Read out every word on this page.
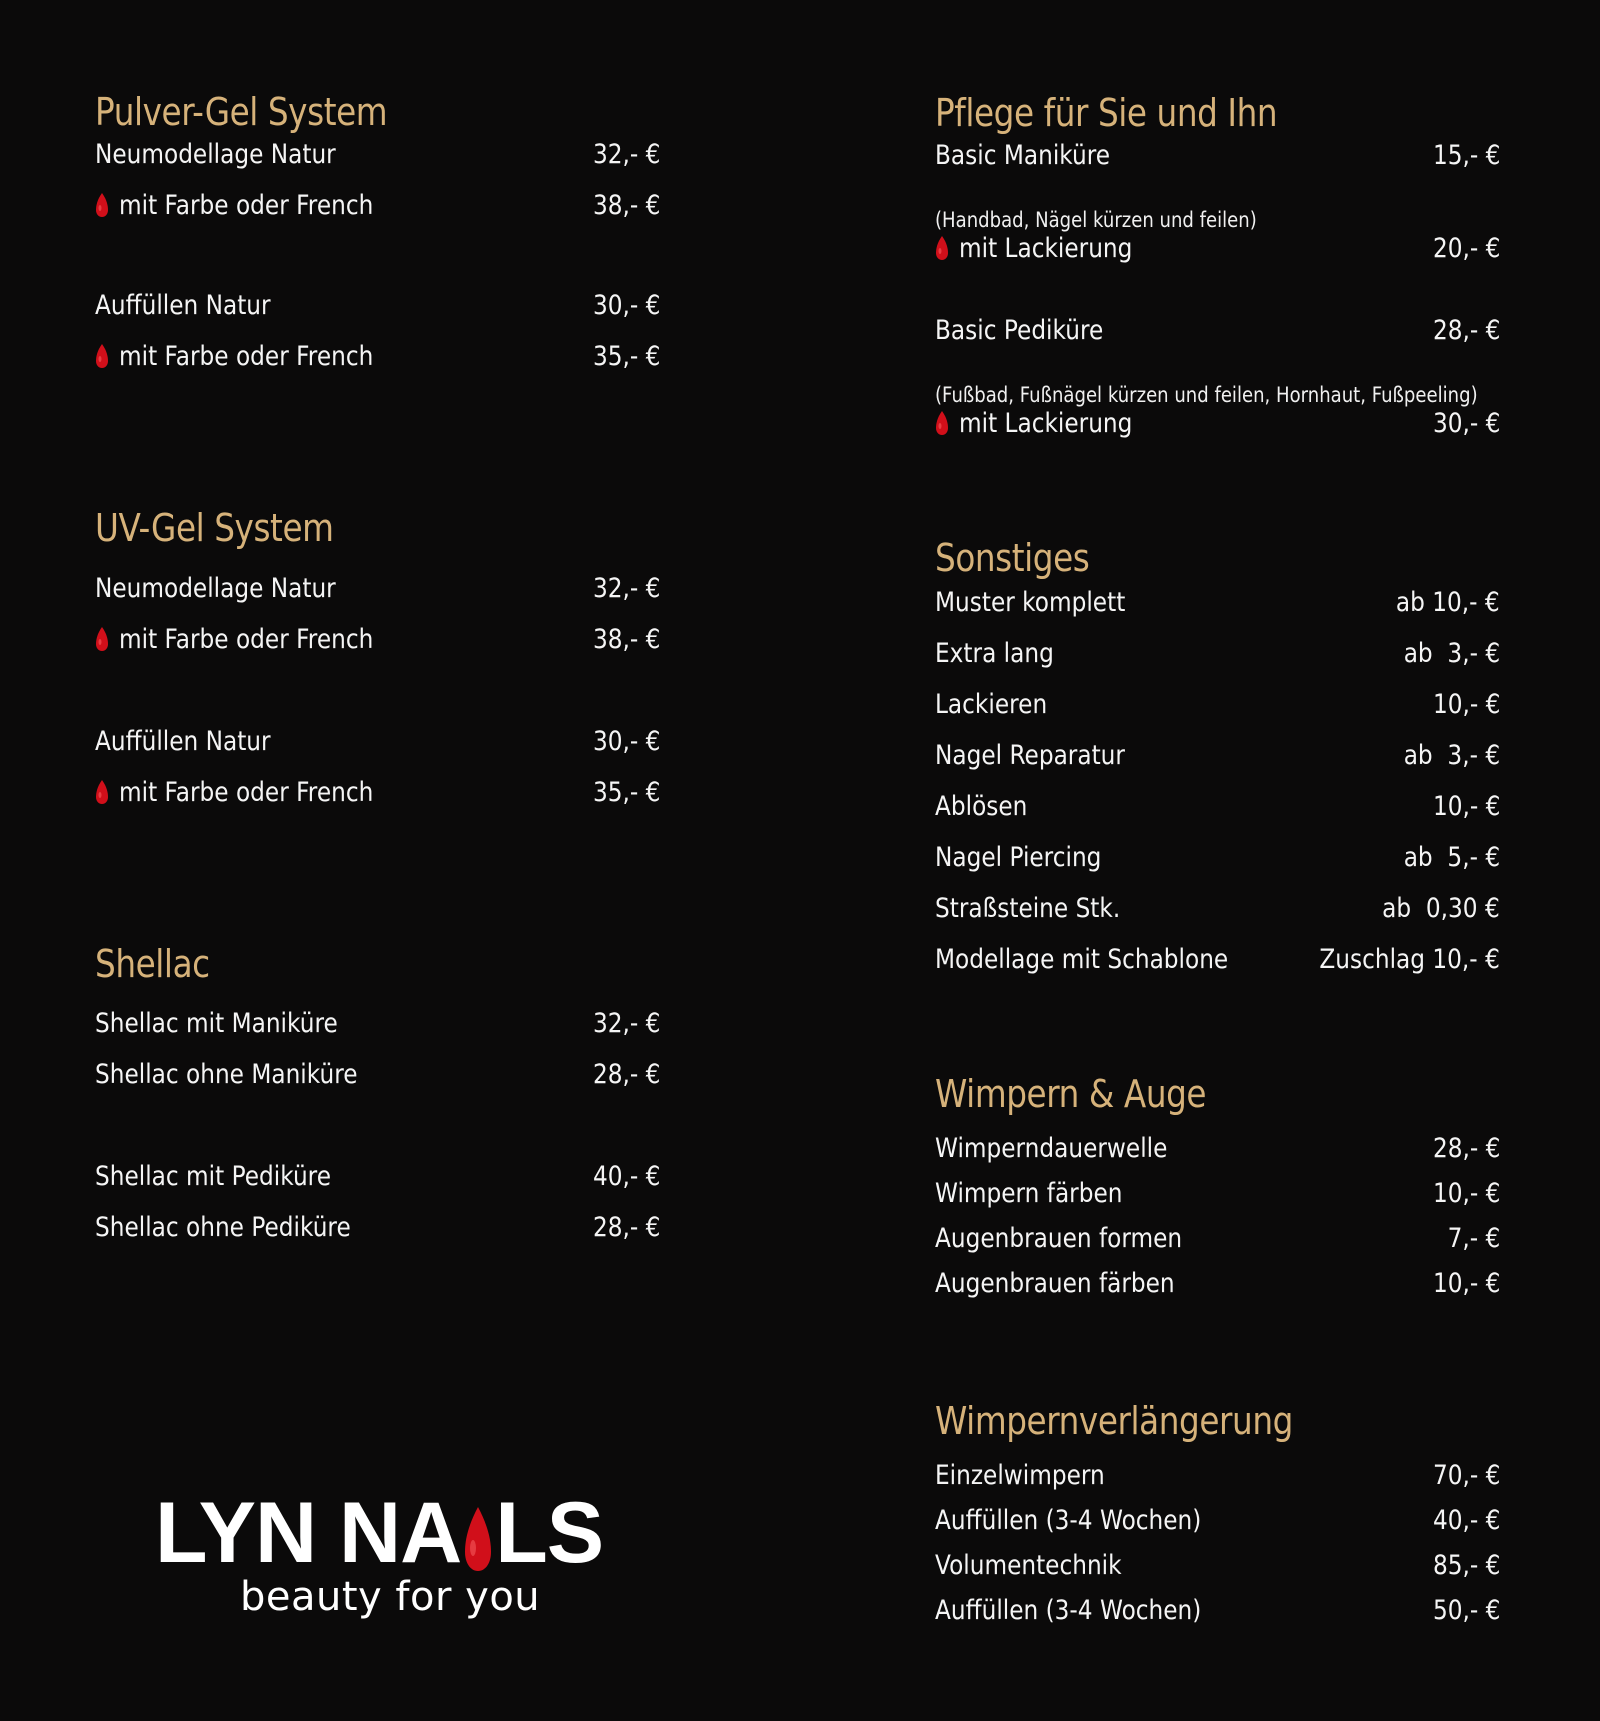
Pulver-Gel System
Neumodellage Natur	32,- €
mit Farbe oder French	38,- €
Auffüllen Natur	30,- €
mit Farbe oder French	35,- €
UV-Gel System
Neumodellage Natur	32,- €
mit Farbe oder French	38,- €
Auffüllen Natur	30,- €
mit Farbe oder French	35,- €
Shellac
Shellac mit Maniküre	32,- €
Shellac ohne Maniküre	28,- €
Shellac mit Pediküre	40,- €
Shellac ohne Pediküre	28,- €
Pflege für Sie und Ihn
Basic Maniküre	15,- €
(Handbad, Nägel kürzen und feilen)
mit Lackierung	20,- €
Basic Pediküre	28,- €
(Fußbad, Fußnägel kürzen und feilen, Hornhaut, Fußpeeling)
mit Lackierung	30,- €
Sonstiges
Muster komplett	ab 10,- €
Extra lang	ab  3,- €
Lackieren	10,- €
Nagel Reparatur	ab  3,- €
Ablösen	10,- €
Nagel Piercing	ab  5,- €
Straßsteine Stk.	ab  0,30 €
Modellage mit Schablone	Zuschlag 10,- €
Wimpern & Auge
Wimperndauerwelle	28,- €
Wimpern färben	10,- €
Augenbrauen formen	7,- €
Augenbrauen färben	10,- €
Wimpernverlängerung
Einzelwimpern	70,- €
Auffüllen (3-4 Wochen)	40,- €
Volumentechnik	85,- €
Auffüllen (3-4 Wochen)	50,- €
LYN NA LS
beauty for you
